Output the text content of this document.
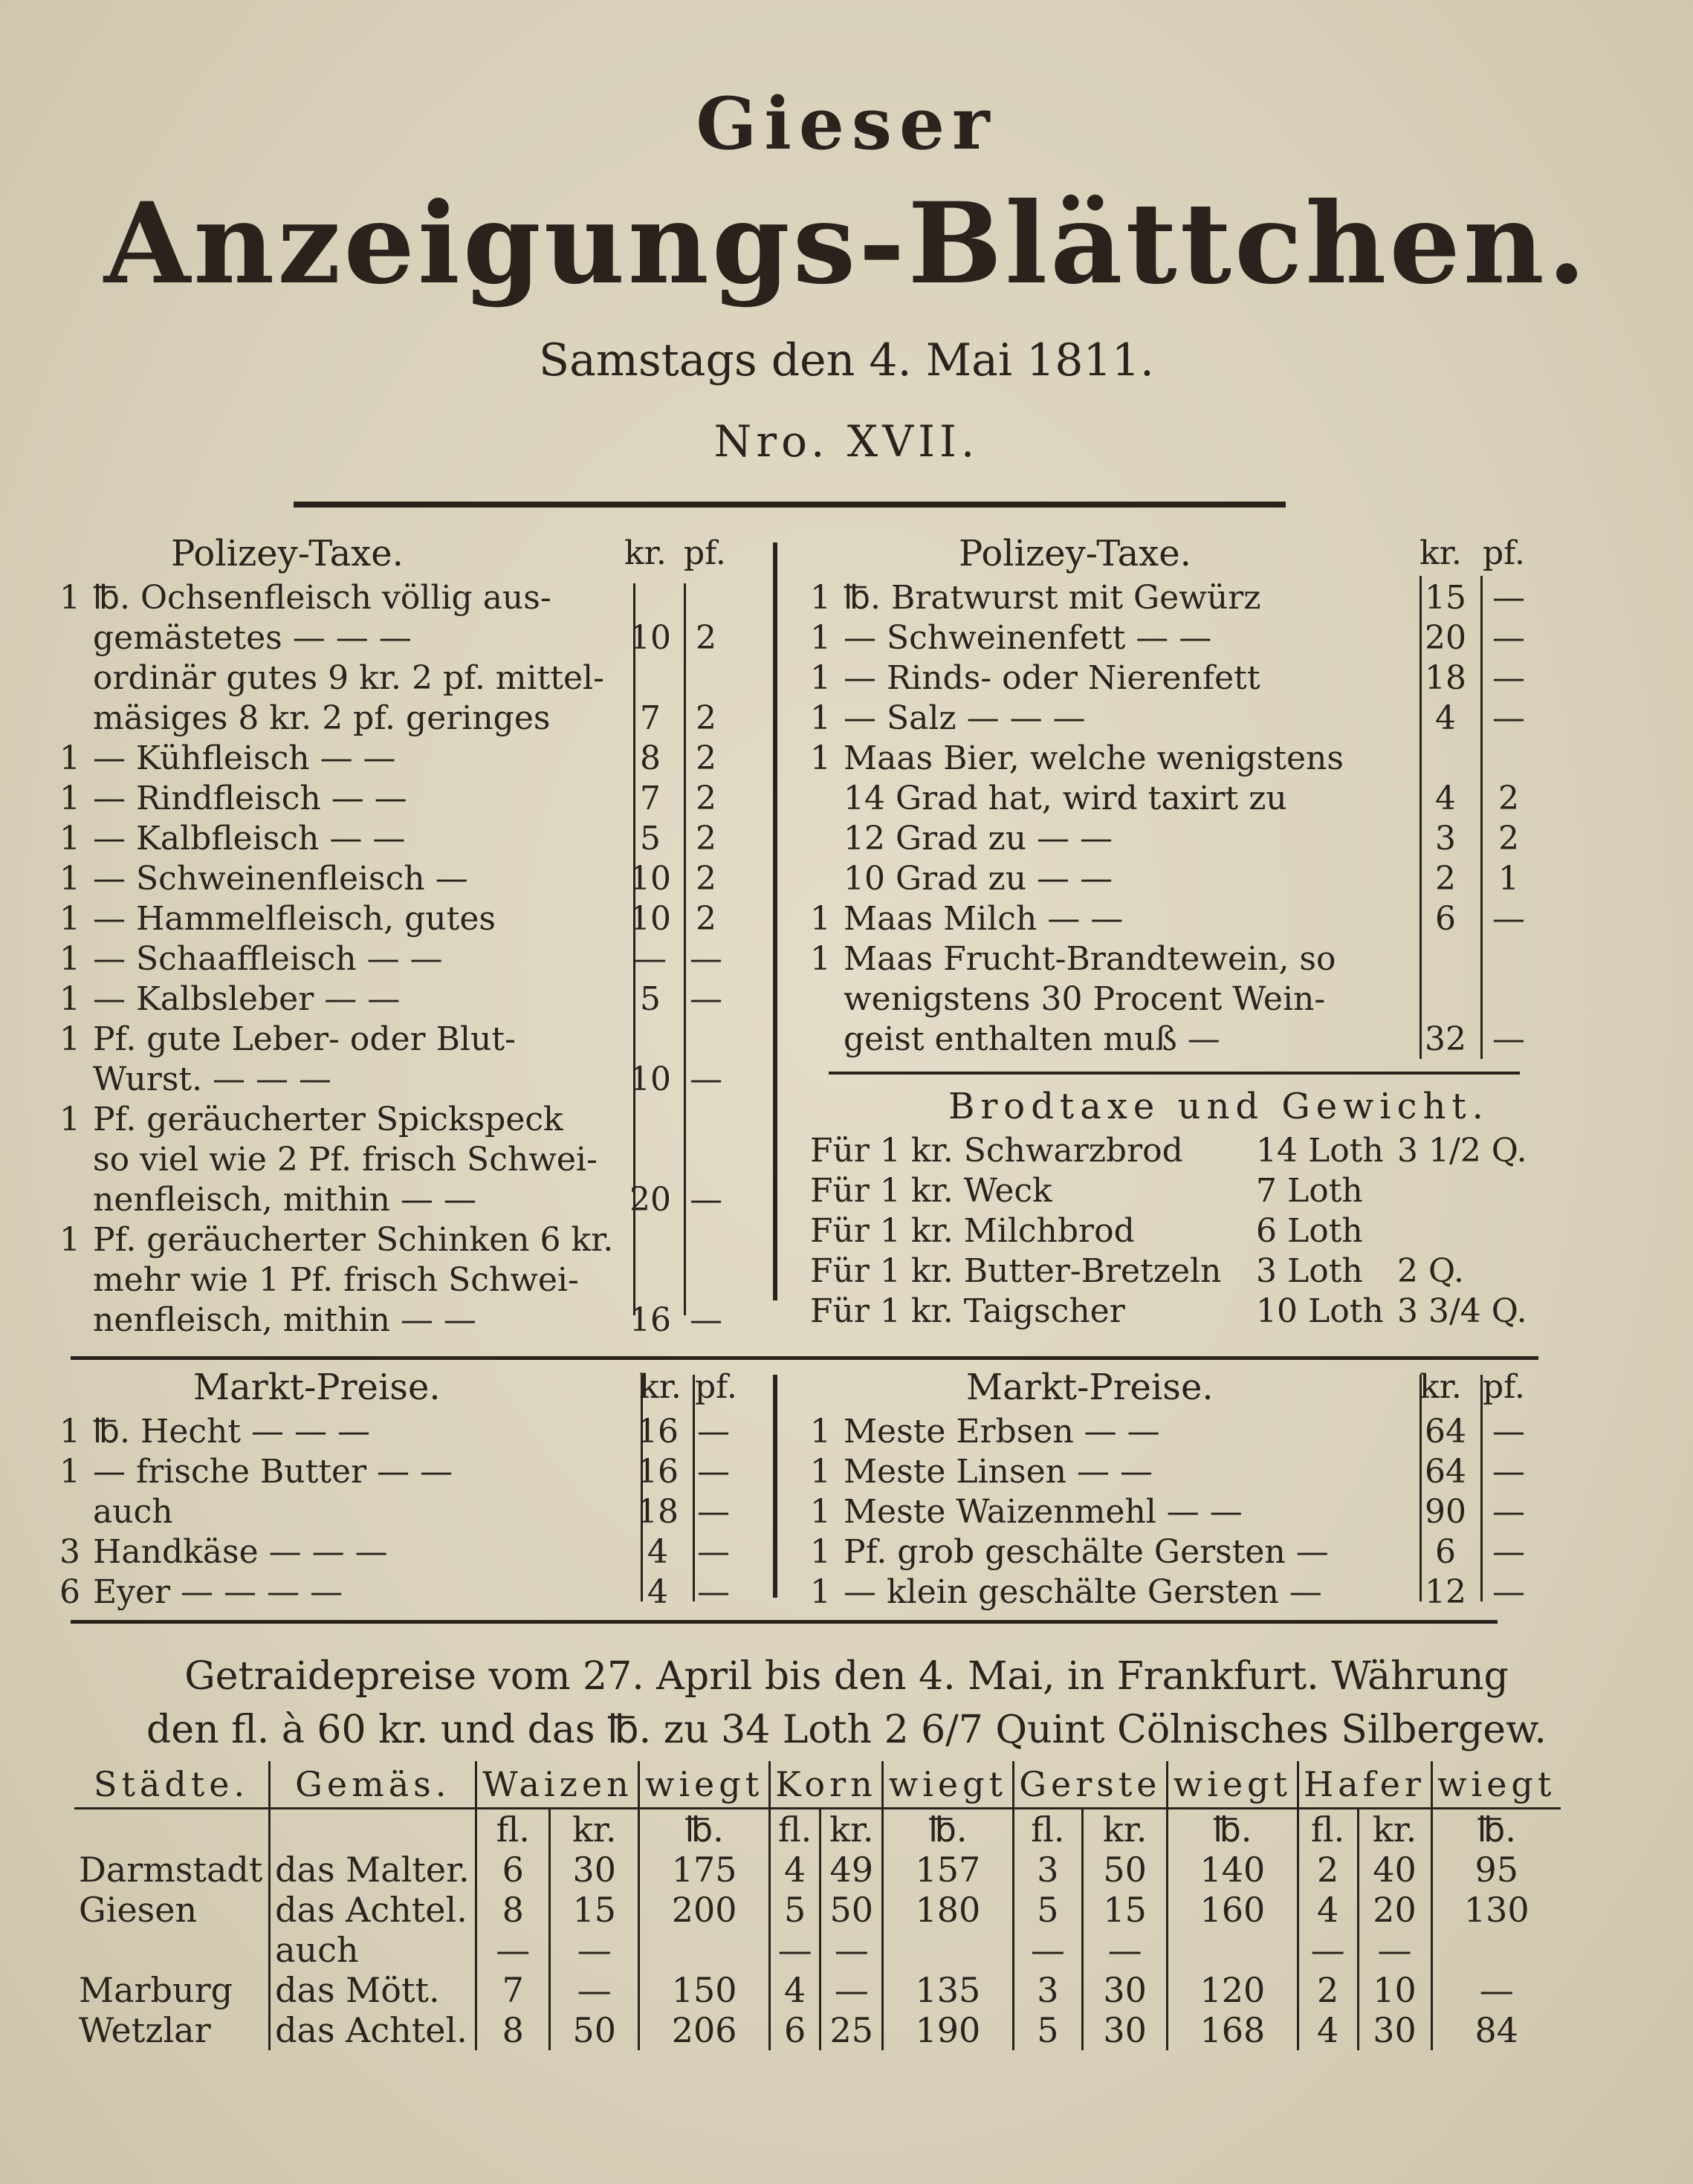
Gieser
Anzeigungs-Blättchen.
Samstags den 4. Mai 1811.
Nro. XVII.
Polizey-Taxe.	kr. pf.
1 ℔. Ochsenfleisch völlig aus-
gemästetes — — —	10 2
ordinär gutes 9 kr. 2 pf. mittel-
mäsiges 8 kr. 2 pf. geringes	7	2
1 — Kühfleisch — —	8	2
1 — Rindfleisch — —	7	2
1 — Kalbfleisch — —	5	2
1 — Schweinenfleisch —	10 2
1 — Hammelfleisch, gutes	10 2
1 — Schaaffleisch — —	— —
1 — Kalbsleber — —	5 —
1 Pf. gute Leber- oder Blut-
Wurst. — — —	10 —
1 Pf. geräucherter Spickspeck
so viel wie 2 Pf. frisch Schwei-
nenfleisch, mithin — —	20 —
1 Pf. geräucherter Schinken 6 kr.
mehr wie 1 Pf. frisch Schwei-
nenfleisch, mithin — —	16 —
Polizey-Taxe.	kr. pf.
1 ℔. Bratwurst mit Gewürz	15 —
1 — Schweinenfett — —	20 —
1 — Rinds- oder Nierenfett	18 —
1 — Salz — — —	4	—
1 Maas Bier, welche wenigstens
14 Grad hat, wird taxirt zu	4	2
12 Grad zu — —	3	2
10 Grad zu — —	2	1
1 Maas Milch — —	6	—
1 Maas Frucht-Brandtewein, so
wenigstens 30 Procent Wein-
geist enthalten muß —	32 —
Brodtaxe und Gewicht.
Für 1 kr. Schwarzbrod 14 Loth 3 1/2 Q.
Für 1 kr. Weck	7 Loth
Für 1 kr. Milchbrod	6 Loth
Für 1 kr. Butter-Bretzeln 3 Loth 2 Q.
Für 1 kr. Taigscher	10 Loth 3 3/4 Q.
Markt-Preise.	kr. pf.
1 ℔. Hecht — — —	16 —
1 — frische Butter — —	16 —
auch	18 —
3 Handkäse — — —	4 —
6 Eyer — — — —	4 —
Markt-Preise.	kr. pf.
1 Meste Erbsen — —	64 —
1 Meste Linsen — —	64 —
1 Meste Waizenmehl — —	90 —
1 Pf. grob geschälte Gersten —	6	—
1 — klein geschälte Gersten —	12 —
Getraidepreise vom 27. April bis den 4. Mai, in Frankfurt. Währung
den fl. à 60 kr. und das ℔. zu 34 Loth 2 6/7 Quint Cölnisches Silbergew.
Städte.	Gemäs.	Waizen		wiegt	Korn		wiegt	Gerste		wiegt	Hafer		wiegt
		fl.	kr.	℔.	fl.	kr.	℔.	fl.	kr.	℔.	fl.	kr.	℔.
Darmstadt	das Malter.	6	30	175	4	49	157	3	50	140	2	40	95
Giesen	das Achtel.	8	15	200	5	50	180	5	15	160	4	20	130
	auch	—	—		—	—		—	—		—	—	
Marburg	das Mött.	7	—	150	4	—	135	3	30	120	2	10	—
Wetzlar	das Achtel.	8	50	206	6	25	190	5	30	168	4	30	84
